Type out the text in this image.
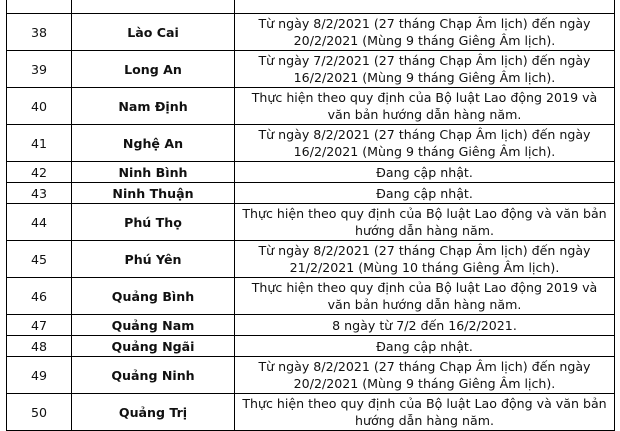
38	Lào Cai	Từ ngày 8/2/2021 (27 tháng Chạp Âm lịch) đến ngày 20/2/2021 (Mùng 9 tháng Giêng Âm lịch).
39	Long An	Từ ngày 7/2/2021 (27 tháng Chạp Âm lịch) đến ngày 16/2/2021 (Mùng 9 tháng Giêng Âm lịch).
40	Nam Định	Thực hiện theo quy định của Bộ luật Lao động 2019 và văn bản hướng dẫn hàng năm.
41	Nghệ An	Từ ngày 8/2/2021 (27 tháng Chạp Âm lịch) đến ngày 16/2/2021 (Mùng 9 tháng Giêng Âm lịch).
42	Ninh Bình	Đang cập nhật.
43	Ninh Thuận	Đang cập nhật.
44	Phú Thọ	Thực hiện theo quy định của Bộ luật Lao động và văn bản hướng dẫn hàng năm.
45	Phú Yên	Từ ngày 8/2/2021 (27 tháng Chạp Âm lịch) đến ngày 21/2/2021 (Mùng 10 tháng Giêng Âm lịch).
46	Quảng Bình	Thực hiện theo quy định của Bộ luật Lao động 2019 và văn bản hướng dẫn hàng năm.
47	Quảng Nam	8 ngày từ 7/2 đến 16/2/2021.
48	Quảng Ngãi	Đang cập nhật.
49	Quảng Ninh	Từ ngày 8/2/2021 (27 tháng Chạp Âm lịch) đến ngày 20/2/2021 (Mùng 9 tháng Giêng Âm lịch).
50	Quảng Trị	Thực hiện theo quy định của Bộ luật Lao động và văn bản hướng dẫn hàng năm.
